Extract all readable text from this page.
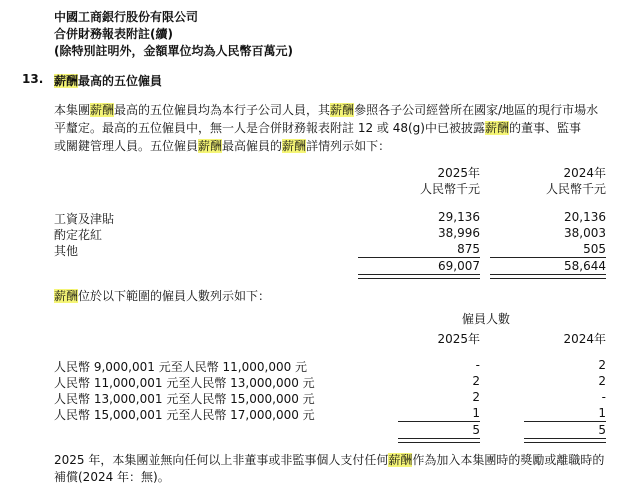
中國工商銀行股份有限公司
合併財務報表附註(續)
(除特別註明外，金額單位均為人民幣百萬元)
13. 薪酬最高的五位僱員
本集團薪酬最高的五位僱員均為本行子公司人員，其薪酬參照各子公司經營所在國家/地區的現行市場水
平釐定。最高的五位僱員中，無一人是合併財務報表附註 12 或 48(g)中已被披露薪酬的董事、監事
或關鍵管理人員。五位僱員薪酬最高僱員的薪酬詳情列示如下：
2025年
人民幣千元
2024年
人民幣千元
工資及津貼	29,136	20,136
酌定花紅	38,996	38,003
其他	875	505
69,007	58,644
薪酬位於以下範圍的僱員人數列示如下：
僱員人數
2025年	2024年
人民幣 9,000,001 元至人民幣 11,000,000 元	-	2
人民幣 11,000,001 元至人民幣 13,000,000 元	2	2
人民幣 13,000,001 元至人民幣 15,000,000 元	2	-
人民幣 15,000,001 元至人民幣 17,000,000 元	1	1
5	5
2025 年，本集團並無向任何以上非董事或非監事個人支付任何薪酬作為加入本集團時的獎勵或離職時的
補償(2024 年：無)。
